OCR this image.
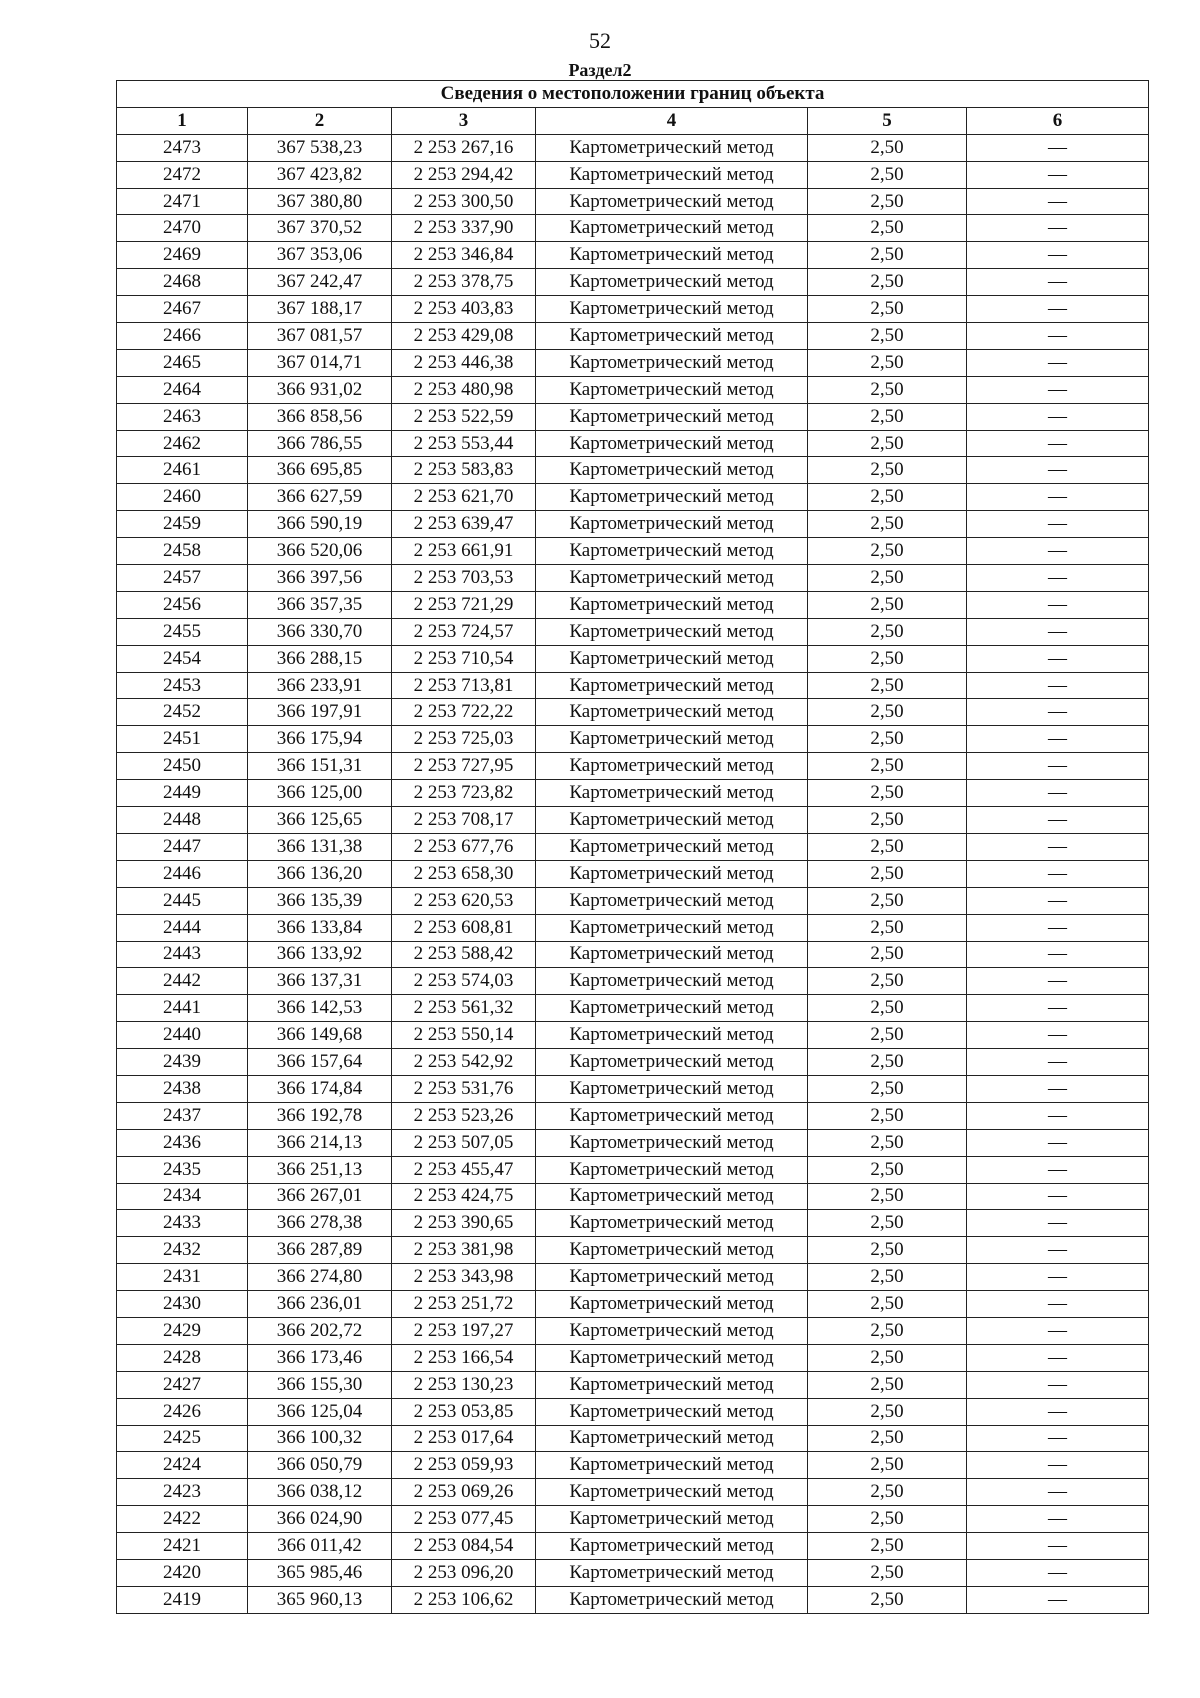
52
Раздел2
Сведения о местоположении границ объекта					
1	2	3	4	5	6
2473	367 538,23	2 253 267,16	Картометрический метод	2,50	—
2472	367 423,82	2 253 294,42	Картометрический метод	2,50	—
2471	367 380,80	2 253 300,50	Картометрический метод	2,50	—
2470	367 370,52	2 253 337,90	Картометрический метод	2,50	—
2469	367 353,06	2 253 346,84	Картометрический метод	2,50	—
2468	367 242,47	2 253 378,75	Картометрический метод	2,50	—
2467	367 188,17	2 253 403,83	Картометрический метод	2,50	—
2466	367 081,57	2 253 429,08	Картометрический метод	2,50	—
2465	367 014,71	2 253 446,38	Картометрический метод	2,50	—
2464	366 931,02	2 253 480,98	Картометрический метод	2,50	—
2463	366 858,56	2 253 522,59	Картометрический метод	2,50	—
2462	366 786,55	2 253 553,44	Картометрический метод	2,50	—
2461	366 695,85	2 253 583,83	Картометрический метод	2,50	—
2460	366 627,59	2 253 621,70	Картометрический метод	2,50	—
2459	366 590,19	2 253 639,47	Картометрический метод	2,50	—
2458	366 520,06	2 253 661,91	Картометрический метод	2,50	—
2457	366 397,56	2 253 703,53	Картометрический метод	2,50	—
2456	366 357,35	2 253 721,29	Картометрический метод	2,50	—
2455	366 330,70	2 253 724,57	Картометрический метод	2,50	—
2454	366 288,15	2 253 710,54	Картометрический метод	2,50	—
2453	366 233,91	2 253 713,81	Картометрический метод	2,50	—
2452	366 197,91	2 253 722,22	Картометрический метод	2,50	—
2451	366 175,94	2 253 725,03	Картометрический метод	2,50	—
2450	366 151,31	2 253 727,95	Картометрический метод	2,50	—
2449	366 125,00	2 253 723,82	Картометрический метод	2,50	—
2448	366 125,65	2 253 708,17	Картометрический метод	2,50	—
2447	366 131,38	2 253 677,76	Картометрический метод	2,50	—
2446	366 136,20	2 253 658,30	Картометрический метод	2,50	—
2445	366 135,39	2 253 620,53	Картометрический метод	2,50	—
2444	366 133,84	2 253 608,81	Картометрический метод	2,50	—
2443	366 133,92	2 253 588,42	Картометрический метод	2,50	—
2442	366 137,31	2 253 574,03	Картометрический метод	2,50	—
2441	366 142,53	2 253 561,32	Картометрический метод	2,50	—
2440	366 149,68	2 253 550,14	Картометрический метод	2,50	—
2439	366 157,64	2 253 542,92	Картометрический метод	2,50	—
2438	366 174,84	2 253 531,76	Картометрический метод	2,50	—
2437	366 192,78	2 253 523,26	Картометрический метод	2,50	—
2436	366 214,13	2 253 507,05	Картометрический метод	2,50	—
2435	366 251,13	2 253 455,47	Картометрический метод	2,50	—
2434	366 267,01	2 253 424,75	Картометрический метод	2,50	—
2433	366 278,38	2 253 390,65	Картометрический метод	2,50	—
2432	366 287,89	2 253 381,98	Картометрический метод	2,50	—
2431	366 274,80	2 253 343,98	Картометрический метод	2,50	—
2430	366 236,01	2 253 251,72	Картометрический метод	2,50	—
2429	366 202,72	2 253 197,27	Картометрический метод	2,50	—
2428	366 173,46	2 253 166,54	Картометрический метод	2,50	—
2427	366 155,30	2 253 130,23	Картометрический метод	2,50	—
2426	366 125,04	2 253 053,85	Картометрический метод	2,50	—
2425	366 100,32	2 253 017,64	Картометрический метод	2,50	—
2424	366 050,79	2 253 059,93	Картометрический метод	2,50	—
2423	366 038,12	2 253 069,26	Картометрический метод	2,50	—
2422	366 024,90	2 253 077,45	Картометрический метод	2,50	—
2421	366 011,42	2 253 084,54	Картометрический метод	2,50	—
2420	365 985,46	2 253 096,20	Картометрический метод	2,50	—
2419	365 960,13	2 253 106,62	Картометрический метод	2,50	—
